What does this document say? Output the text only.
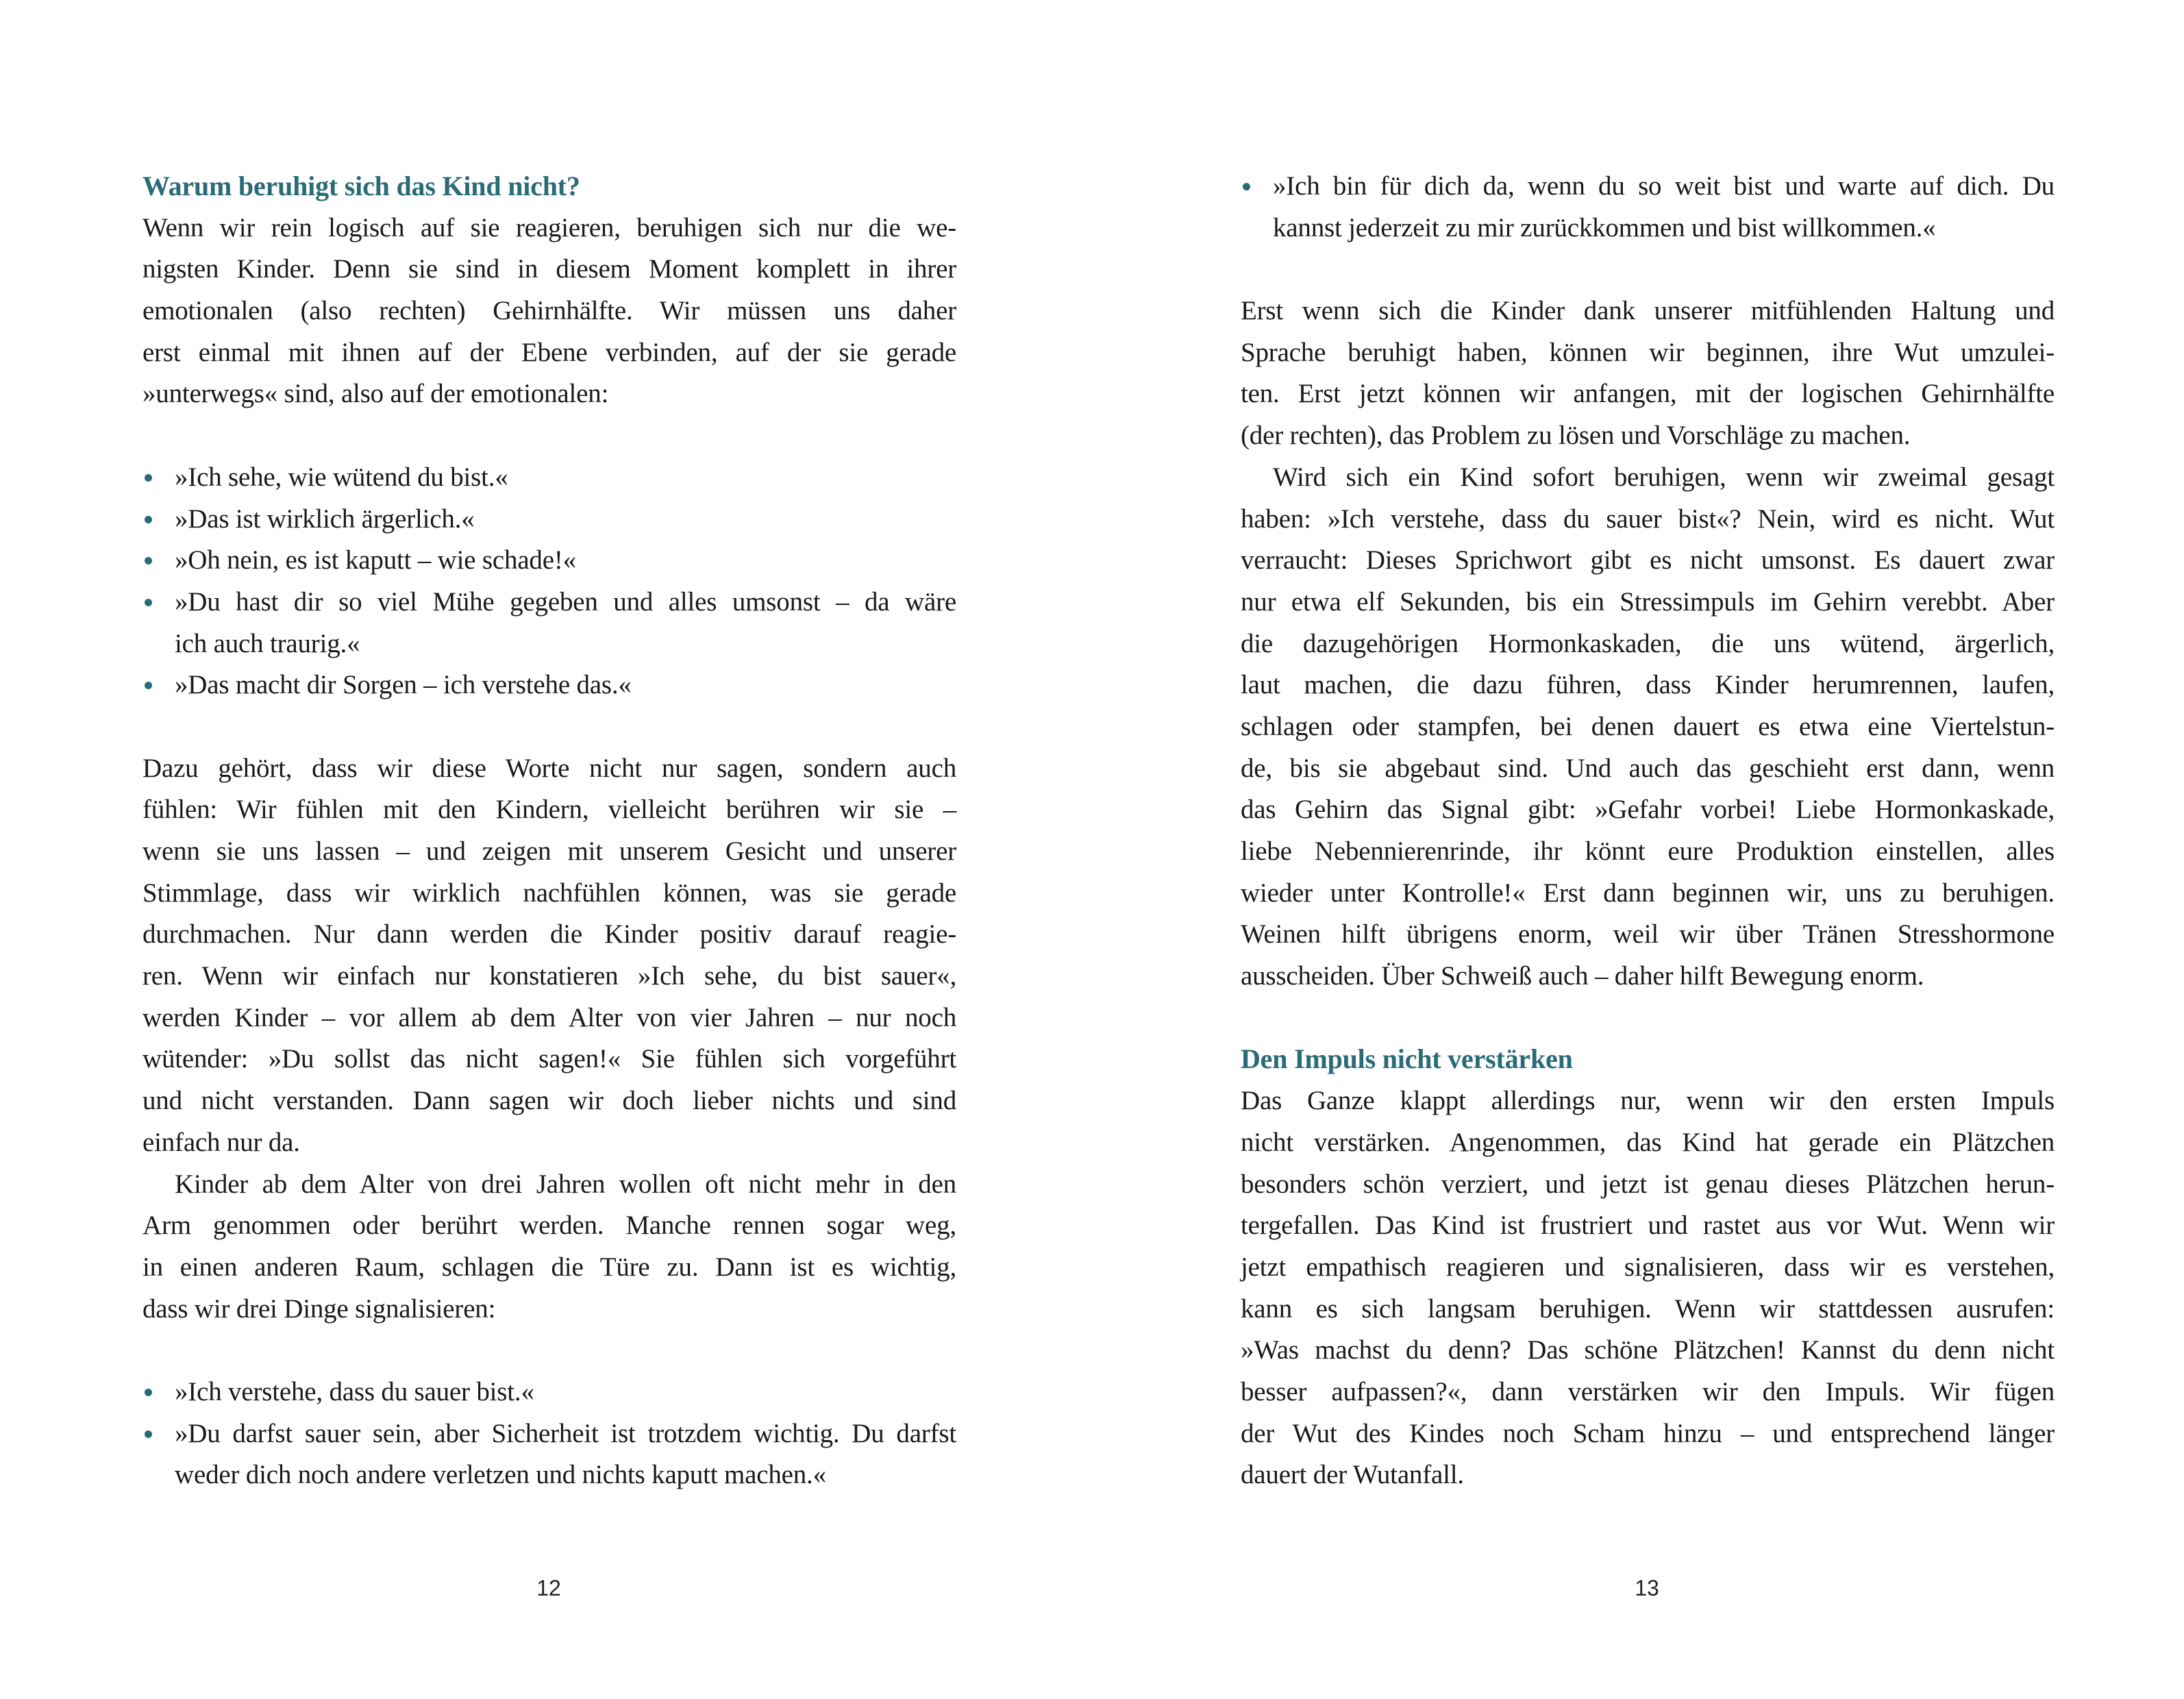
Warum beruhigt sich das Kind nicht?
Wenn wir rein logisch auf sie reagieren, beruhigen sich nur die we-
nigsten Kinder. Denn sie sind in diesem Moment komplett in ihrer
emotionalen (also rechten) Gehirnhälfte. Wir müssen uns daher
erst einmal mit ihnen auf der Ebene verbinden, auf der sie gerade
»unterwegs« sind, also auf der emotionalen:
»Ich sehe, wie wütend du bist.«
»Das ist wirklich ärgerlich.«
»Oh nein, es ist kaputt – wie schade!«
»Du hast dir so viel Mühe gegeben und alles umsonst – da wäre
ich auch traurig.«
»Das macht dir Sorgen – ich verstehe das.«
Dazu gehört, dass wir diese Worte nicht nur sagen, sondern auch
fühlen: Wir fühlen mit den Kindern, vielleicht berühren wir sie –
wenn sie uns lassen – und zeigen mit unserem Gesicht und unserer
Stimmlage, dass wir wirklich nachfühlen können, was sie gerade
durchmachen. Nur dann werden die Kinder positiv darauf reagie-
ren. Wenn wir einfach nur konstatieren »Ich sehe, du bist sauer«,
werden Kinder – vor allem ab dem Alter von vier Jahren – nur noch
wütender: »Du sollst das nicht sagen!« Sie fühlen sich vorgeführt
und nicht verstanden. Dann sagen wir doch lieber nichts und sind
einfach nur da.
Kinder ab dem Alter von drei Jahren wollen oft nicht mehr in den
Arm genommen oder berührt werden. Manche rennen sogar weg,
in einen anderen Raum, schlagen die Türe zu. Dann ist es wichtig,
dass wir drei Dinge signalisieren:
»Ich verstehe, dass du sauer bist.«
»Du darfst sauer sein, aber Sicherheit ist trotzdem wichtig. Du darfst
weder dich noch andere verletzen und nichts kaputt machen.«
12
»Ich bin für dich da, wenn du so weit bist und warte auf dich. Du
kannst jederzeit zu mir zurückkommen und bist willkommen.«
Erst wenn sich die Kinder dank unserer mitfühlenden Haltung und
Sprache beruhigt haben, können wir beginnen, ihre Wut umzulei-
ten. Erst jetzt können wir anfangen, mit der logischen Gehirnhälfte
(der rechten), das Problem zu lösen und Vorschläge zu machen.
Wird sich ein Kind sofort beruhigen, wenn wir zweimal gesagt
haben: »Ich verstehe, dass du sauer bist«? Nein, wird es nicht. Wut
verraucht: Dieses Sprichwort gibt es nicht umsonst. Es dauert zwar
nur etwa elf Sekunden, bis ein Stressimpuls im Gehirn verebbt. Aber
die dazugehörigen Hormonkaskaden, die uns wütend, ärgerlich,
laut machen, die dazu führen, dass Kinder herumrennen, laufen,
schlagen oder stampfen, bei denen dauert es etwa eine Viertelstun-
de, bis sie abgebaut sind. Und auch das geschieht erst dann, wenn
das Gehirn das Signal gibt: »Gefahr vorbei! Liebe Hormonkaskade,
liebe Nebennierenrinde, ihr könnt eure Produktion einstellen, alles
wieder unter Kontrolle!« Erst dann beginnen wir, uns zu beruhigen.
Weinen hilft übrigens enorm, weil wir über Tränen Stresshormone
ausscheiden. Über Schweiß auch – daher hilft Bewegung enorm.
Den Impuls nicht verstärken
Das Ganze klappt allerdings nur, wenn wir den ersten Impuls
nicht verstärken. Angenommen, das Kind hat gerade ein Plätzchen
besonders schön verziert, und jetzt ist genau dieses Plätzchen herun-
tergefallen. Das Kind ist frustriert und rastet aus vor Wut. Wenn wir
jetzt empathisch reagieren und signalisieren, dass wir es verstehen,
kann es sich langsam beruhigen. Wenn wir stattdessen ausrufen:
»Was machst du denn? Das schöne Plätzchen! Kannst du denn nicht
besser aufpassen?«, dann verstärken wir den Impuls. Wir fügen
der Wut des Kindes noch Scham hinzu – und entsprechend länger
dauert der Wutanfall.
13
